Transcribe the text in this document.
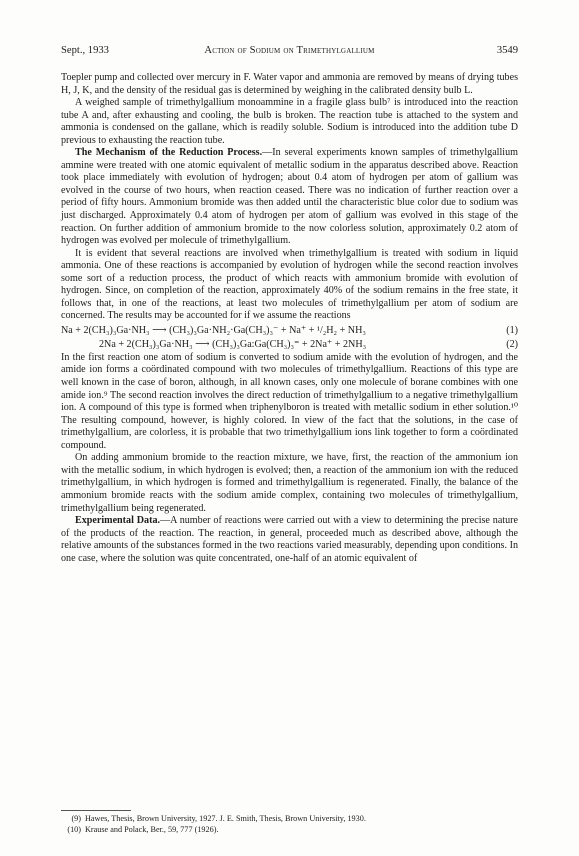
Sept., 1933	Action of Sodium on Trimethylgallium	3549

Toepler pump and collected over mercury in F. Water vapor and ammonia are removed by means of drying tubes H, J, K, and the density of the residual gas is determined by weighing in the calibrated density bulb L.

A weighed sample of trimethylgallium monoammine in a fragile glass bulb⁷ is introduced into the reaction tube A and, after exhausting and cooling, the bulb is broken. The reaction tube is attached to the system and ammonia is condensed on the gallane, which is readily soluble. Sodium is introduced into the addition tube D previous to exhausting the reaction tube.

The Mechanism of the Reduction Process.—In several experiments known samples of trimethylgallium ammine were treated with one atomic equivalent of metallic sodium in the apparatus described above. Reaction took place immediately with evolution of hydrogen; about 0.4 atom of hydrogen per atom of gallium was evolved in the course of two hours, when reaction ceased. There was no indication of further reaction over a period of fifty hours. Ammonium bromide was then added until the characteristic blue color due to sodium was just discharged. Approximately 0.4 atom of hydrogen per atom of gallium was evolved in this stage of the reaction. On further addition of ammonium bromide to the now colorless solution, approximately 0.2 atom of hydrogen was evolved per molecule of trimethylgallium.

It is evident that several reactions are involved when trimethylgallium is treated with sodium in liquid ammonia. One of these reactions is accompanied by evolution of hydrogen while the second reaction involves some sort of a reduction process, the product of which reacts with ammonium bromide with evolution of hydrogen. Since, on completion of the reaction, approximately 40% of the sodium remains in the free state, it follows that, in one of the reactions, at least two molecules of trimethylgallium per atom of sodium are concerned. The results may be accounted for if we assume the reactions

Na + 2(CH₃)₃Ga·NH₃ ⟶ (CH₃)₃Ga·NH₂·Ga(CH₃)₃⁻ + Na⁺ + ¹/₂H₂ + NH₃	(1)
2Na + 2(CH₃)₃Ga·NH₃ ⟶ (CH₃)₃Ga:Ga(CH₃)₃⁼ + 2Na⁺ + 2NH₃	(2)

In the first reaction one atom of sodium is converted to sodium amide with the evolution of hydrogen, and the amide ion forms a coördinated compound with two molecules of trimethylgallium. Reactions of this type are well known in the case of boron, although, in all known cases, only one molecule of borane combines with one amide ion.⁹ The second reaction involves the direct reduction of trimethylgallium to a negative trimethylgallium ion. A compound of this type is formed when triphenylboron is treated with metallic sodium in ether solution.¹⁰ The resulting compound, however, is highly colored. In view of the fact that the solutions, in the case of trimethylgallium, are colorless, it is probable that two trimethylgallium ions link together to form a coördinated compound.

On adding ammonium bromide to the reaction mixture, we have, first, the reaction of the ammonium ion with the metallic sodium, in which hydrogen is evolved; then, a reaction of the ammonium ion with the reduced trimethylgallium, in which hydrogen is formed and trimethylgallium is regenerated. Finally, the balance of the ammonium bromide reacts with the sodium amide complex, containing two molecules of trimethylgallium, trimethylgallium being regenerated.

Experimental Data.—A number of reactions were carried out with a view to determining the precise nature of the products of the reaction. The reaction, in general, proceeded much as described above, although the relative amounts of the substances formed in the two reactions varied measurably, depending upon conditions. In one case, where the solution was quite concentrated, one-half of an atomic equivalent of

(9) Hawes, Thesis, Brown University, 1927. J. E. Smith, Thesis, Brown University, 1930.
(10) Krause and Polack, Ber., 59, 777 (1926).
